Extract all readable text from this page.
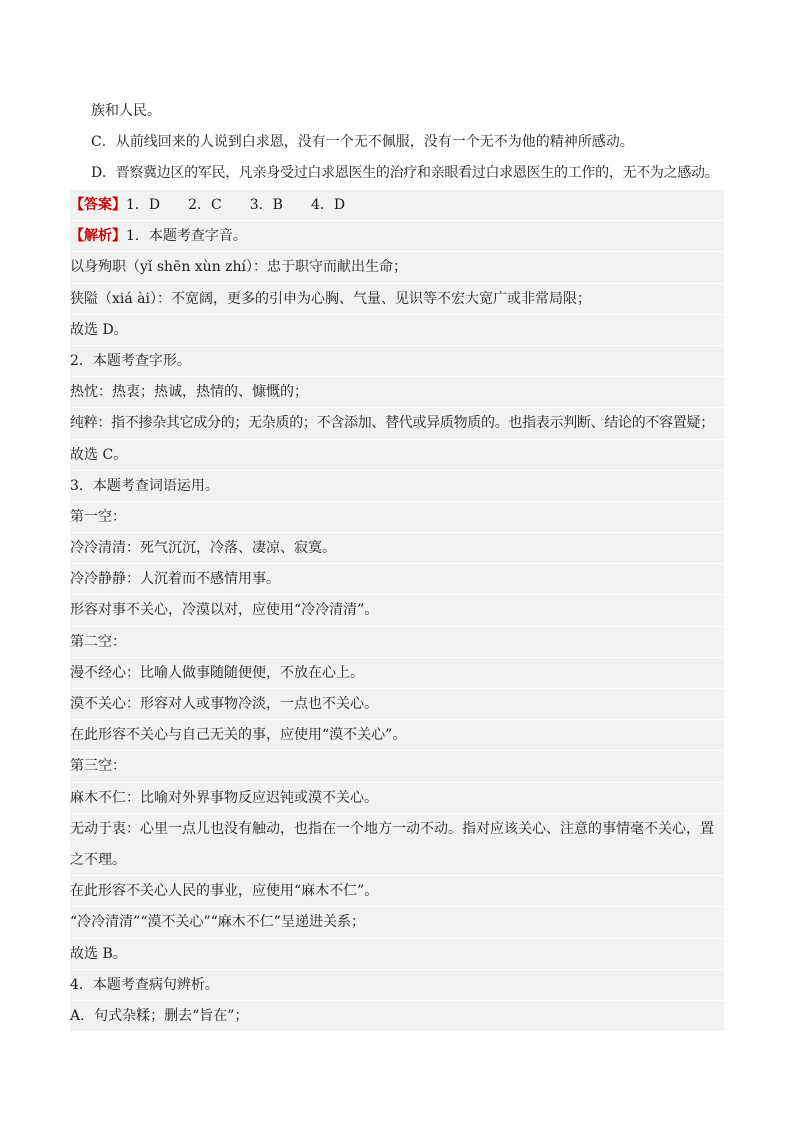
族和人民。
C．从前线回来的人说到白求恩，没有一个无不佩服，没有一个无不为他的精神所感动。
D．晋察冀边区的军民，凡亲身受过白求恩医生的治疗和亲眼看过白求恩医生的工作的，无不为之感动。
【答案】1．D　　2．C　　3．B　　4．D
【解析】1．本题考查字音。
以身殉职（yǐ shēn xùn zhí）：忠于职守而献出生命；
狭隘（xiá ài）：不宽阔，更多的引申为心胸、气量、见识等不宏大宽广或非常局限；
故选 D。
2．本题考查字形。
热忱：热衷；热诚，热情的、慷慨的；
纯粹：指不掺杂其它成分的；无杂质的；不含添加、替代或异质物质的。也指表示判断、结论的不容置疑；
故选 C。
3．本题考查词语运用。
第一空：
冷冷清清：死气沉沉，冷落、凄凉、寂寞。
冷冷静静：人沉着而不感情用事。
形容对事不关心，冷漠以对，应使用“冷冷清清”。
第二空：
漫不经心：比喻人做事随随便便，不放在心上。
漠不关心：形容对人或事物冷淡，一点也不关心。
在此形容不关心与自己无关的事，应使用“漠不关心”。
第三空：
麻木不仁：比喻对外界事物反应迟钝或漠不关心。
无动于衷：心里一点儿也没有触动，也指在一个地方一动不动。指对应该关心、注意的事情毫不关心，置
之不理。
在此形容不关心人民的事业，应使用“麻木不仁”。
“冷冷清清”“漠不关心”“麻木不仁”呈递进关系；
故选 B。
4．本题考查病句辨析。
A．句式杂糅；删去“旨在”；
